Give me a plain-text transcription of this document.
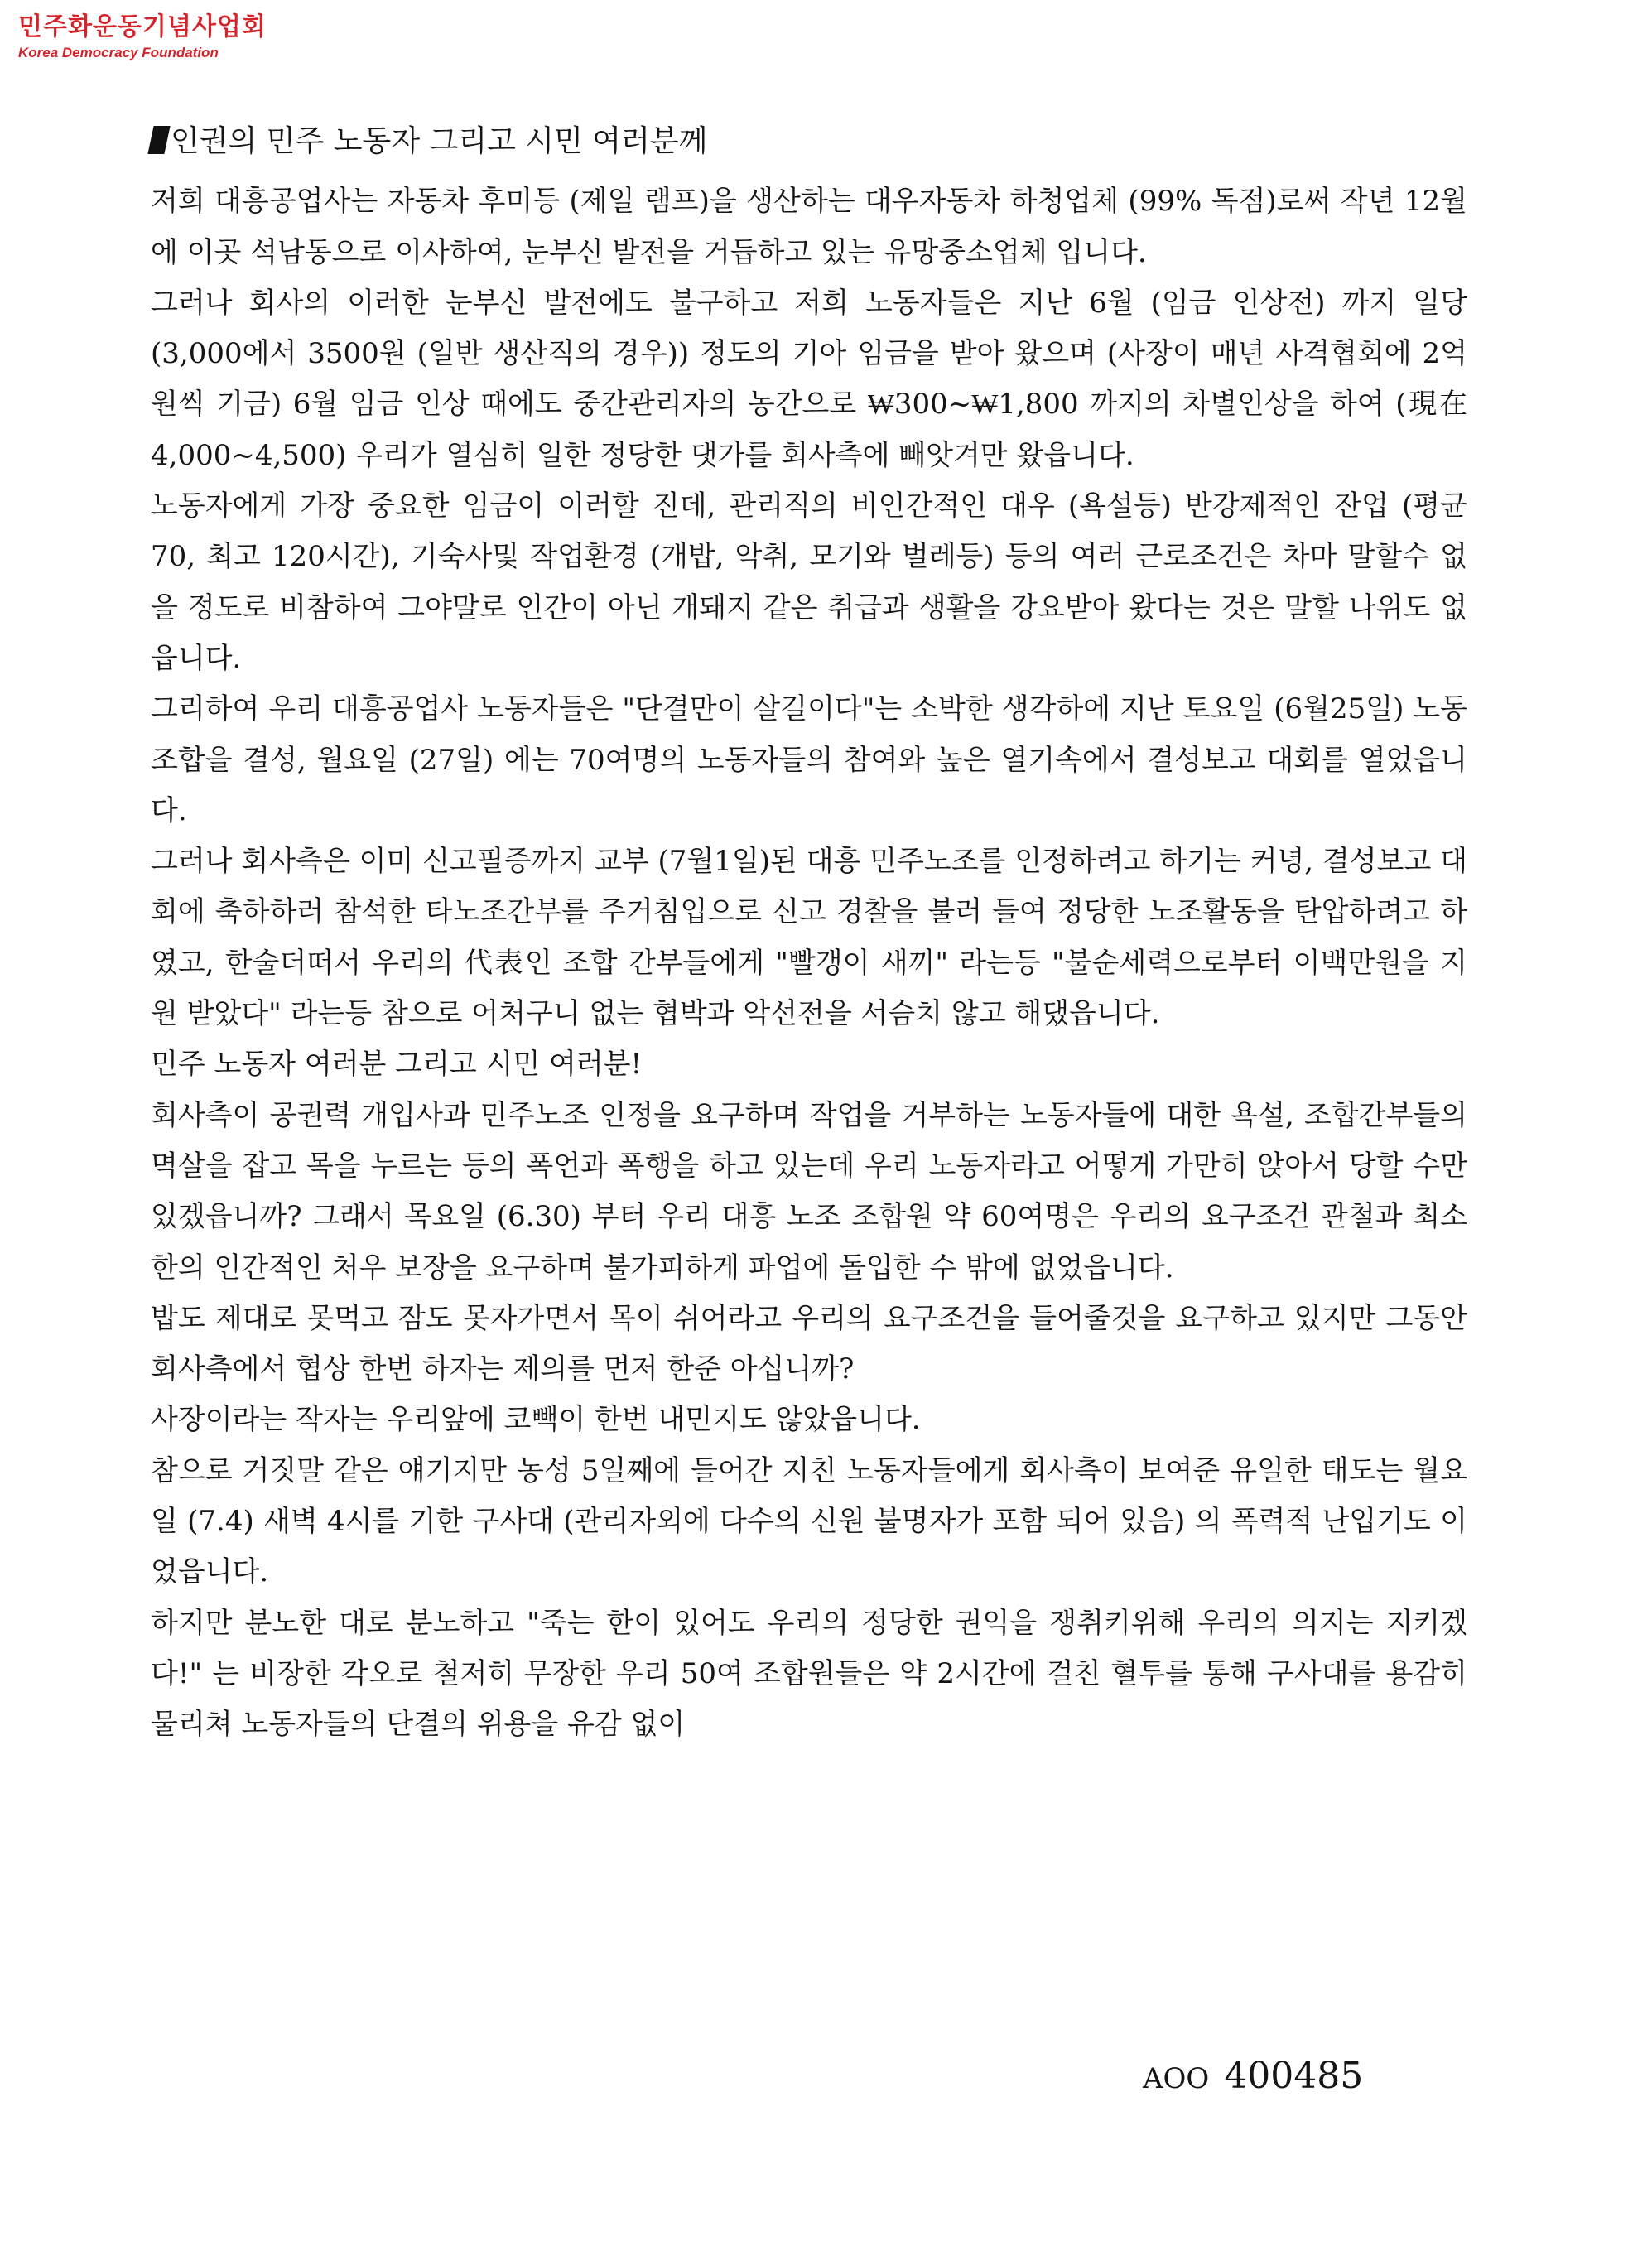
민주화운동기념사업회
Korea Democracy Foundation
인권의 민주 노동자 그리고 시민 여러분께

저희 대흥공업사는 자동차 후미등 (제일 램프)을 생산하는 대우자동차 하청업체 (99% 독점)로써 작년 12월에 이곳 석남동으로 이사하여, 눈부신 발전을 거듭하고 있는 유망중소업체 입니다.

그러나 회사의 이러한 눈부신 발전에도 불구하고 저희 노동자들은 지난 6월 (임금 인상전) 까지 일당 (3,000에서 3500원 (일반 생산직의 경우)) 정도의 기아 임금을 받아 왔으며 (사장이 매년 사격협회에 2억원씩 기금) 6월 임금 인상 때에도 중간관리자의 농간으로 ₩300~₩1,800 까지의 차별인상을 하여 (現在 4,000~4,500) 우리가 열심히 일한 정당한 댓가를 회사측에 빼앗겨만 왔읍니다.

노동자에게 가장 중요한 임금이 이러할 진데, 관리직의 비인간적인 대우 (욕설등) 반강제적인 잔업 (평균 70, 최고 120시간), 기숙사및 작업환경 (개밥, 악취, 모기와 벌레등) 등의 여러 근로조건은 차마 말할수 없을 정도로 비참하여 그야말로 인간이 아닌 개돼지 같은 취급과 생활을 강요받아 왔다는 것은 말할 나위도 없읍니다.

그리하여 우리 대흥공업사 노동자들은 "단결만이 살길이다"는 소박한 생각하에 지난 토요일 (6월25일) 노동조합을 결성, 월요일 (27일) 에는 70여명의 노동자들의 참여와 높은 열기속에서 결성보고 대회를 열었읍니다.

그러나 회사측은 이미 신고필증까지 교부 (7월1일)된 대흥 민주노조를 인정하려고 하기는 커녕, 결성보고 대회에 축하하러 참석한 타노조간부를 주거침입으로 신고 경찰을 불러 들여 정당한 노조활동을 탄압하려고 하였고, 한술더떠서 우리의 代表인 조합 간부들에게 "빨갱이 새끼" 라는등 "불순세력으로부터 이백만원을 지원 받았다" 라는등 참으로 어처구니 없는 협박과 악선전을 서슴치 않고 해댔읍니다.

민주 노동자 여러분 그리고 시민 여러분!

회사측이 공권력 개입사과 민주노조 인정을 요구하며 작업을 거부하는 노동자들에 대한 욕설, 조합간부들의 멱살을 잡고 목을 누르는 등의 폭언과 폭행을 하고 있는데 우리 노동자라고 어떻게 가만히 앉아서 당할 수만 있겠읍니까? 그래서 목요일 (6.30) 부터 우리 대흥 노조 조합원 약 60여명은 우리의 요구조건 관철과 최소한의 인간적인 처우 보장을 요구하며 불가피하게 파업에 돌입한 수 밖에 없었읍니다.

밥도 제대로 못먹고 잠도 못자가면서 목이 쉬어라고 우리의 요구조건을 들어줄것을 요구하고 있지만 그동안 회사측에서 협상 한번 하자는 제의를 먼저 한준 아십니까?

사장이라는 작자는 우리앞에 코빽이 한번 내민지도 않았읍니다.

참으로 거짓말 같은 얘기지만 농성 5일째에 들어간 지친 노동자들에게 회사측이 보여준 유일한 태도는 월요일 (7.4) 새벽 4시를 기한 구사대 (관리자외에 다수의 신원 불명자가 포함 되어 있음) 의 폭력적 난입기도 이었읍니다.

하지만 분노한 대로 분노하고 "죽는 한이 있어도 우리의 정당한 권익을 쟁취키위해 우리의 의지는 지키겠다!" 는 비장한 각오로 철저히 무장한 우리 50여 조합원들은 약 2시간에 걸친 혈투를 통해 구사대를 용감히 물리쳐 노동자들의 단결의 위용을 유감 없이

AOO 400485
